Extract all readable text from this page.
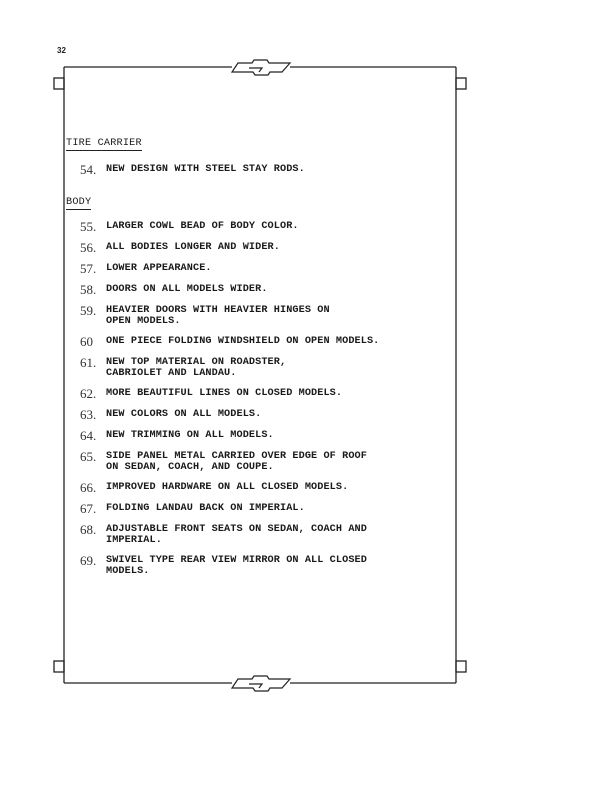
32
TIRE CARRIER
54. NEW DESIGN WITH STEEL STAY RODS.
BODY
55. LARGER COWL BEAD OF BODY COLOR.
56. ALL BODIES LONGER AND WIDER.
57. LOWER APPEARANCE.
58. DOORS ON ALL MODELS WIDER.
59. HEAVIER DOORS WITH HEAVIER HINGES ON
OPEN MODELS.
60	ONE PIECE FOLDING WINDSHIELD ON OPEN MODELS.
61. NEW TOP MATERIAL ON ROADSTER,
CABRIOLET AND LANDAU.
62. MORE BEAUTIFUL LINES ON CLOSED MODELS.
63. NEW COLORS ON ALL MODELS.
64. NEW TRIMMING ON ALL MODELS.
65. SIDE PANEL METAL CARRIED OVER EDGE OF ROOF
ON SEDAN, COACH, AND COUPE.
66. IMPROVED HARDWARE ON ALL CLOSED MODELS.
67. FOLDING LANDAU BACK ON IMPERIAL.
68. ADJUSTABLE FRONT SEATS ON SEDAN, COACH AND
IMPERIAL.
69. SWIVEL TYPE REAR VIEW MIRROR ON ALL CLOSED
MODELS.
